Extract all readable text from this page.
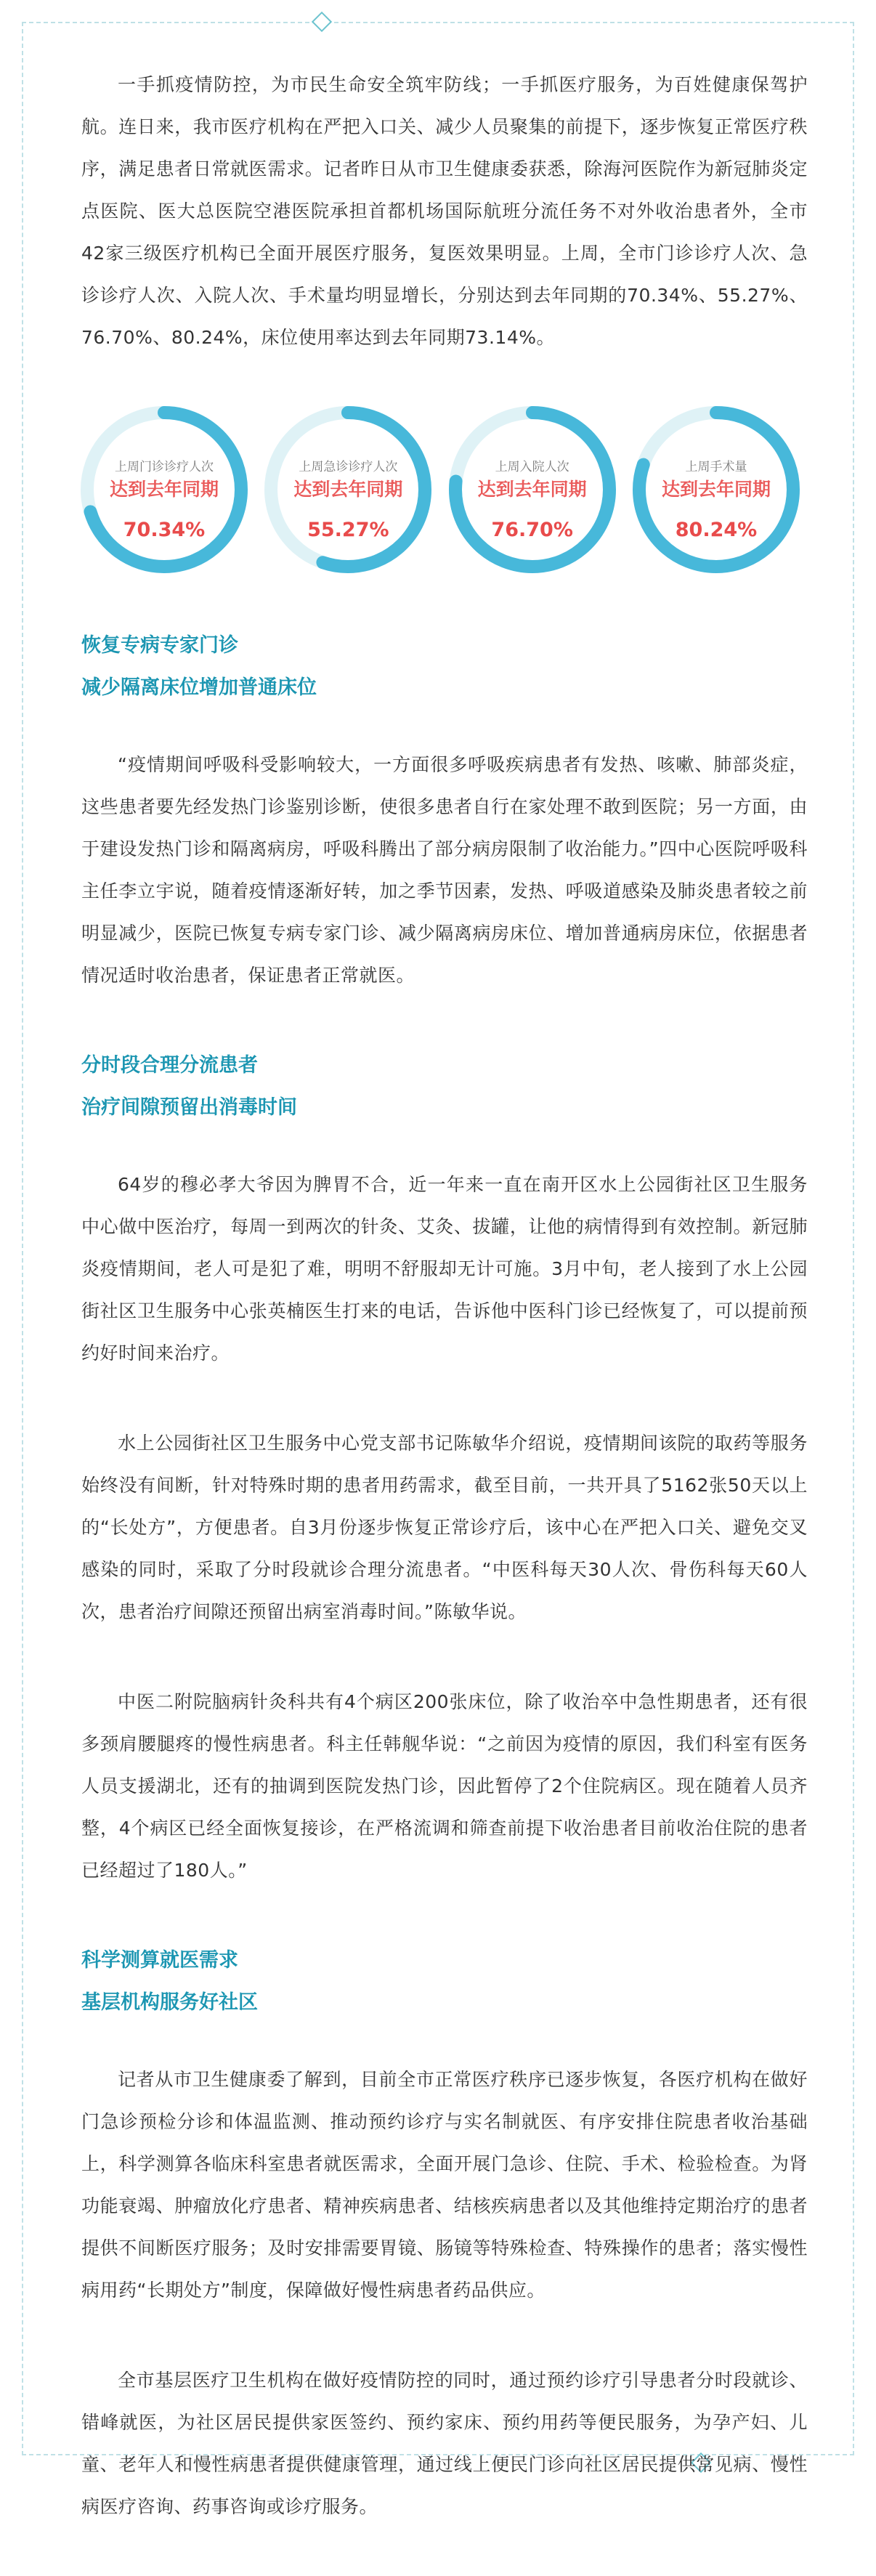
一手抓疫情防控，为市民生命安全筑牢防线；一手抓医疗服务，为百姓健康保驾护航。连日来，我市医疗机构在严把入口关、减少人员聚集的前提下，逐步恢复正常医疗秩序，满足患者日常就医需求。记者昨日从市卫生健康委获悉，除海河医院作为新冠肺炎定点医院、医大总医院空港医院承担首都机场国际航班分流任务不对外收治患者外，全市42家三级医疗机构已全面开展医疗服务，复医效果明显。上周，全市门诊诊疗人次、急诊诊疗人次、入院人次、手术量均明显增长，分别达到去年同期的70.34%、55.27%、76.70%、80.24%，床位使用率达到去年同期73.14%。

上周门诊诊疗人次
达到去年同期
70.34%
上周急诊诊疗人次
达到去年同期
55.27%
上周入院人次
达到去年同期
76.70%
上周手术量
达到去年同期
80.24%
恢复专病专家门诊
减少隔离床位增加普通床位

“疫情期间呼吸科受影响较大，一方面很多呼吸疾病患者有发热、咳嗽、肺部炎症，这些患者要先经发热门诊鉴别诊断，使很多患者自行在家处理不敢到医院；另一方面，由于建设发热门诊和隔离病房，呼吸科腾出了部分病房限制了收治能力。”四中心医院呼吸科主任李立宇说，随着疫情逐渐好转，加之季节因素，发热、呼吸道感染及肺炎患者较之前明显减少，医院已恢复专病专家门诊、减少隔离病房床位、增加普通病房床位，依据患者情况适时收治患者，保证患者正常就医。

分时段合理分流患者
治疗间隙预留出消毒时间

64岁的穆必孝大爷因为脾胃不合，近一年来一直在南开区水上公园街社区卫生服务中心做中医治疗，每周一到两次的针灸、艾灸、拔罐，让他的病情得到有效控制。新冠肺炎疫情期间，老人可是犯了难，明明不舒服却无计可施。3月中旬，老人接到了水上公园街社区卫生服务中心张英楠医生打来的电话，告诉他中医科门诊已经恢复了，可以提前预约好时间来治疗。

水上公园街社区卫生服务中心党支部书记陈敏华介绍说，疫情期间该院的取药等服务始终没有间断，针对特殊时期的患者用药需求，截至目前，一共开具了5162张50天以上的“长处方”，方便患者。自3月份逐步恢复正常诊疗后，该中心在严把入口关、避免交叉感染的同时，采取了分时段就诊合理分流患者。“中医科每天30人次、骨伤科每天60人次，患者治疗间隙还预留出病室消毒时间。”陈敏华说。

中医二附院脑病针灸科共有4个病区200张床位，除了收治卒中急性期患者，还有很多颈肩腰腿疼的慢性病患者。科主任韩舰华说：“之前因为疫情的原因，我们科室有医务人员支援湖北，还有的抽调到医院发热门诊，因此暂停了2个住院病区。现在随着人员齐整，4个病区已经全面恢复接诊，在严格流调和筛查前提下收治患者目前收治住院的患者已经超过了180人。”

科学测算就医需求
基层机构服务好社区

记者从市卫生健康委了解到，目前全市正常医疗秩序已逐步恢复，各医疗机构在做好门急诊预检分诊和体温监测、推动预约诊疗与实名制就医、有序安排住院患者收治基础上，科学测算各临床科室患者就医需求，全面开展门急诊、住院、手术、检验检查。为肾功能衰竭、肿瘤放化疗患者、精神疾病患者、结核疾病患者以及其他维持定期治疗的患者提供不间断医疗服务；及时安排需要胃镜、肠镜等特殊检查、特殊操作的患者；落实慢性病用药“长期处方”制度，保障做好慢性病患者药品供应。

全市基层医疗卫生机构在做好疫情防控的同时，通过预约诊疗引导患者分时段就诊、错峰就医，为社区居民提供家医签约、预约家床、预约用药等便民服务，为孕产妇、儿童、老年人和慢性病患者提供健康管理，通过线上便民门诊向社区居民提供常见病、慢性病医疗咨询、药事咨询或诊疗服务。
